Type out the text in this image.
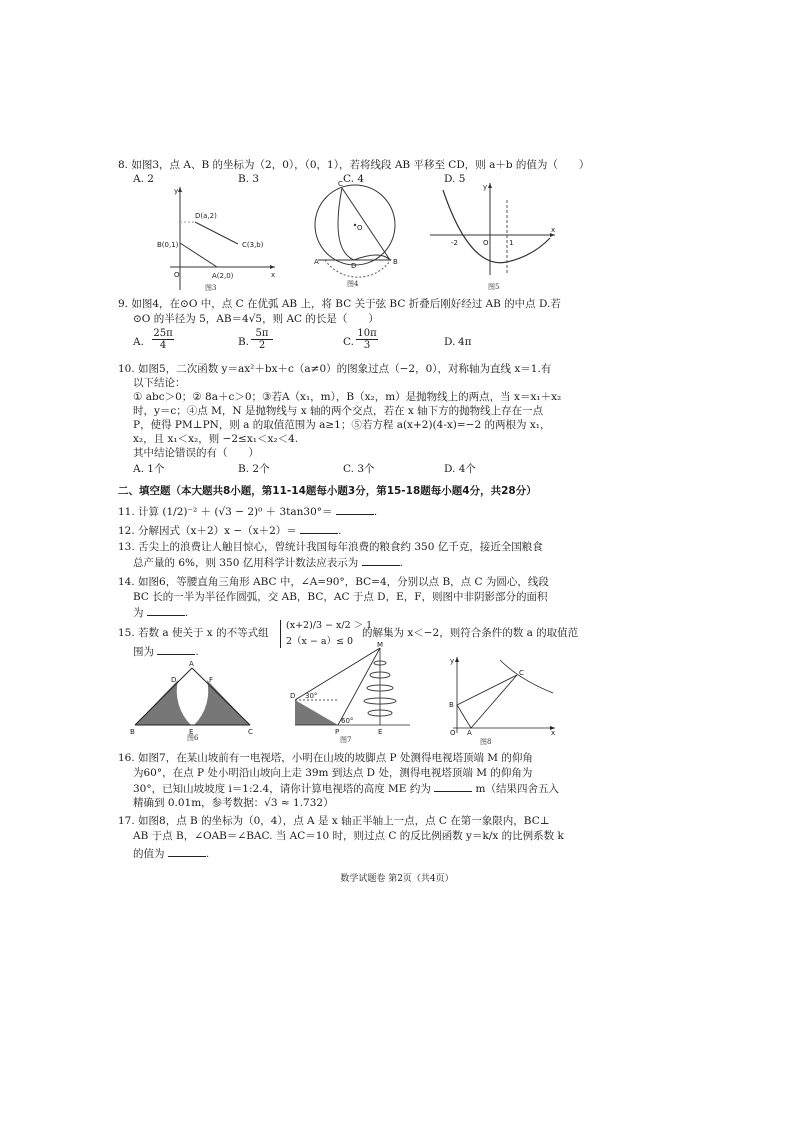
8. 如图3，点 A、B 的坐标为（2，0），（0，1），若将线段 AB 平移至 CD，则 a＋b 的值为（　　）
A. 2	B. 3	C. 4	D. 5
D(a,2)
C(3,b)
B(0,1)
A(2,0)
O	x
y
图3
A	B
C
D
O
图4
-2	O	1
x
y
图5
9. 如图4，在⊙O 中，点 C 在优弧 AB 上，将 BC 关于弦 BC 折叠后刚好经过 AB 的中点 D.若
⊙O 的半径为 5，AB＝4√5，则 AC 的长是（　　）
A. $\frac{25\pi}{4}$	B. $\frac{5\pi}{2}$	C. $\frac{10\pi}{3}$	D. 4π
10. 如图5，二次函数 y＝ax²＋bx＋c（a≠0）的图象过点（−2，0），对称轴为直线 x＝1.有
以下结论：
① abc＞0；② 8a＋c＞0；③若A（x₁，m），B（x₂，m）是抛物线上的两点，当 x＝x₁＋x₂
时，y＝c；④点 M，N 是抛物线与 x 轴的两个交点，若在 x 轴下方的抛物线上存在一点
P，使得 PM⊥PN，则 a 的取值范围为 a≥1；⑤若方程 a(x+2)(4-x)=−2 的两根为 x₁，
x₂，且 x₁＜x₂，则 −2≤x₁＜x₂＜4.
其中结论错误的有（　　）
A. 1个	B. 2个	C. 3个	D. 4个
二、填空题（本大题共8小题，第11-14题每小题3分，第15-18题每小题4分，共28分）
11. 计算 (1/2)⁻² ＋ (√3 − 2)⁰ ＋ 3tan30°＝	.
12. 分解因式（x＋2）x −（x＋2）＝	.
13. 舌尖上的浪费让人触目惊心，曾统计我国每年浪费的粮食约 350 亿千克，接近全国粮食
总产量的 6%，则 350 亿用科学计数法应表示为	.
14. 如图6，等腰直角三角形 ABC 中，∠A=90°，BC=4，分别以点 B，点 C 为圆心，线段
BC 长的一半为半径作圆弧，交 AB，BC，AC 于点 D，E，F，则图中非阴影部分的面积
为	.
15. 若数 a 使关于 x 的不等式组
(x+2)/3 − x/2 ＞ 1
2（x − a）≤ 0
的解集为 x＜−2，则符合条件的数 a 的取值范
围为	.
A
B	C
D
E
F
图6
M
D
P	E
30°
60°
图7
A
B
C
O	x
y
图8
16. 如图7，在某山坡前有一电视塔，小明在山坡的坡脚点 P 处测得电视塔顶端 M 的仰角
为60°，在点 P 处小明沿山坡向上走 39m 到达点 D 处，测得电视塔顶端 M 的仰角为
30°，已知山坡坡度 i＝1:2.4，请你计算电视塔的高度 ME 约为	m（结果四舍五入
精确到 0.01m，参考数据：√3 ≈ 1.732）
17. 如图8，点 B 的坐标为（0，4），点 A 是 x 轴正半轴上一点，点 C 在第一象限内，BC⊥
AB 于点 B，∠OAB＝∠BAC. 当 AC＝10 时，则过点 C 的反比例函数 y＝k/x 的比例系数 k
的值为	.
数学试题卷 第2页（共4页）
